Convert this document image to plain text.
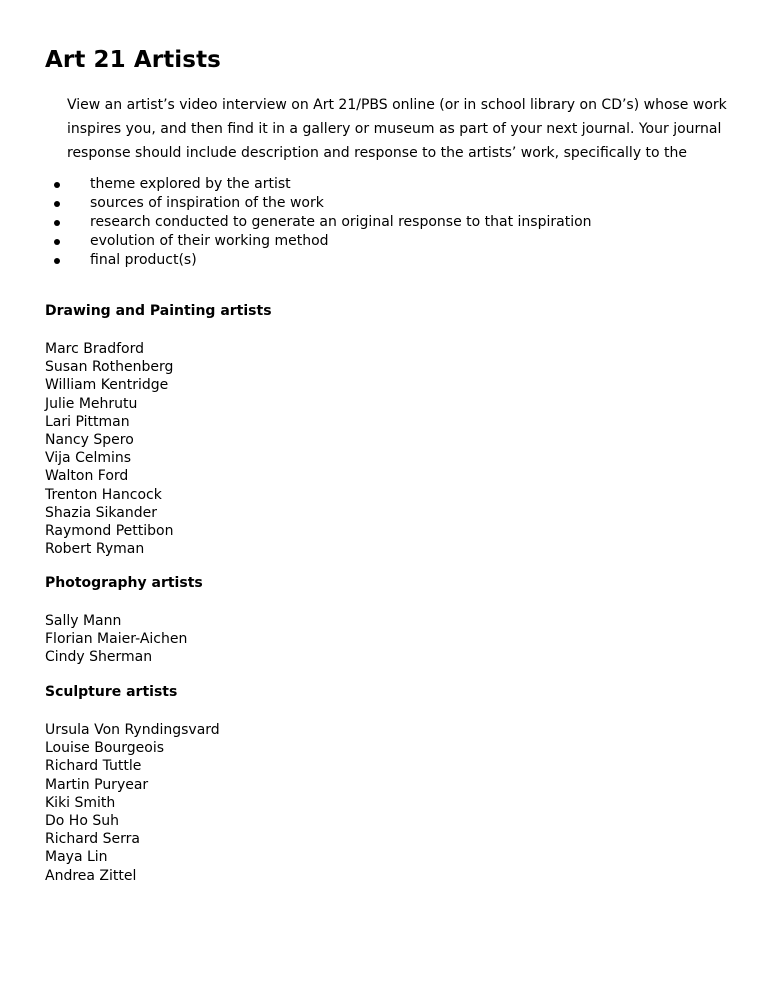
Art 21 Artists

View an artist’s video interview on Art 21/PBS online (or in school library on CD’s) whose work
inspires you, and then find it in a gallery or museum as part of your next journal. Your journal
response should include description and response to the artists’ work, specifically to the

theme explored by the artist
sources of inspiration of the work
research conducted to generate an original response to that inspiration
evolution of their working method
final product(s)
Drawing and Painting artists
Marc Bradford
Susan Rothenberg
William Kentridge
Julie Mehrutu
Lari Pittman
Nancy Spero
Vija Celmins
Walton Ford
Trenton Hancock
Shazia Sikander
Raymond Pettibon
Robert Ryman
Photography artists
Sally Mann
Florian Maier-Aichen
Cindy Sherman
Sculpture artists
Ursula Von Ryndingsvard
Louise Bourgeois
Richard Tuttle
Martin Puryear
Kiki Smith
Do Ho Suh
Richard Serra
Maya Lin
Andrea Zittel
